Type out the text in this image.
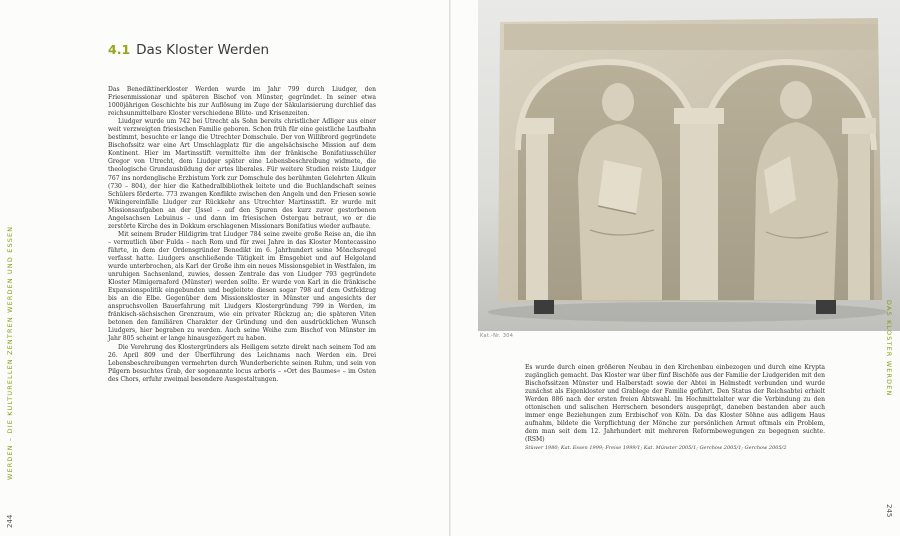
WERDEN – DIE KULTURELLEN ZENTREN WERDEN UND ESSEN
244
4.1 Das Kloster Werden

Das Benediktinerkloster Werden wurde im Jahr 799 durch Liudger, den Friesenmissionar und späteren Bischof von Münster, gegründet. In seiner etwa 1000jährigen Geschichte bis zur Auflösung im Zuge der Säkularisierung durchlief das reichsunmittelbare Kloster verschiedene Blüte- und Krisenzeiten.

Liudger wurde um 742 bei Utrecht als Sohn bereits christlicher Adliger aus einer weit verzweigten friesischen Familie geboren. Schon früh für eine geistliche Laufbahn bestimmt, besuchte er lange die Utrechter Domschule. Der von Willibrord gegründete Bischofssitz war eine Art Umschlagplatz für die angelsächsische Mission auf dem Kontinent. Hier im Martinsstift vermittelte ihm der fränkische Bonifatiusschüler Gregor von Utrecht, dem Liudger später eine Lebensbeschreibung widmete, die theologische Grundausbildung der artes liberales. Für weitere Studien reiste Liudger 767 ins nordenglische Erzbistum York zur Domschule des berühmten Gelehrten Alkuin (730 – 804), der hier die Kathedralbibliothek leitete und die Buchlandschaft seines Schülers förderte. 773 zwangen Konflikte zwischen den Angeln und den Friesen sowie Wikingereinfälle Liudger zur Rückkehr ans Utrechter Martinsstift. Er wurde mit Missionsaufgaben an der IJssel – auf den Spuren des kurz zuvor gestorbenen Angelsachsen Lebuinus – und dann im friesischen Ostergau betraut, wo er die zerstörte Kirche des in Dokkum erschlagenen Missionars Bonifatius wieder aufbaute.

Mit seinem Bruder Hildigrim trat Liudger 784 seine zweite große Reise an, die ihn – vermutlich über Fulda – nach Rom und für zwei Jahre in das Kloster Montecassino führte, in dem der Ordensgründer Benedikt im 6. Jahrhundert seine Mönchsregel verfasst hatte. Liudgers anschließende Tätigkeit im Emsgebiet und auf Helgoland wurde unterbrochen, als Karl der Große ihm ein neues Missionsgebiet in Westfalen, im unruhigen Sachsenland, zuwies, dessen Zentrale das von Liudger 793 gegründete Kloster Mimigernaford (Münster) werden sollte. Er wurde von Karl in die fränkische Expansionspolitik eingebunden und begleitete diesen sogar 798 auf dem Ostfeldzug bis an die Elbe. Gegenüber dem Missionskloster in Münster und angesichts der anspruchsvollen Bauerfahrung mit Liudgers Klostergründung 799 in Werden, im fränkisch-sächsischen Grenzraum, wie ein privater Rückzug an; die späteren Viten betonen den familiären Charakter der Gründung und den ausdrücklichen Wunsch Liudgers, hier begraben zu werden. Auch seine Weihe zum Bischof von Münster im Jahr 805 scheint er lange hinausgezögert zu haben.

Die Verehrung des Klostergründers als Heiligem setzte direkt nach seinem Tod am 26. April 809 und der Überführung des Leichnams nach Werden ein. Drei Lebensbeschreibungen vermehrten durch Wunderberichte seinen Ruhm, und sein von Pilgern besuchtes Grab, der sogenannte locus arboris – »Ort des Baumes« – im Osten des Chors, erfuhr zweimal besondere Ausgestaltungen.

Kat.-Nr. 304

Es wurde durch einen größeren Neubau in den Kirchenbau einbezogen und durch eine Krypta zugänglich gemacht. Das Kloster war über fünf Bischöfe aus der Familie der Liudgeriden mit den Bischofssitzen Münster und Halberstadt sowie der Abtei in Helmstedt verbunden und wurde zunächst als Eigenkloster und Grablege der Familie geführt. Den Status der Reichsabtei erhielt Werden 886 nach der ersten freien Abtswahl. Im Hochmittelalter war die Verbindung zu den ottonischen und salischen Herrschern besonders ausgeprägt, daneben bestanden aber auch immer enge Beziehungen zum Erzbischof von Köln. Da das Kloster Söhne aus adligem Haus aufnahm, bildete die Verpflichtung der Mönche zur persönlichen Armut oftmals ein Problem, dem man seit dem 12. Jahrhundert mit mehreren Reformbewegungen zu begegnen suchte. (RSM)

Stüwer 1980; Kat. Essen 1999; Freise 1999/1; Kat. Münster 2005/1; Gerchow 2005/1; Gerchow 2005/2
DAS KLOSTER WERDEN
245
